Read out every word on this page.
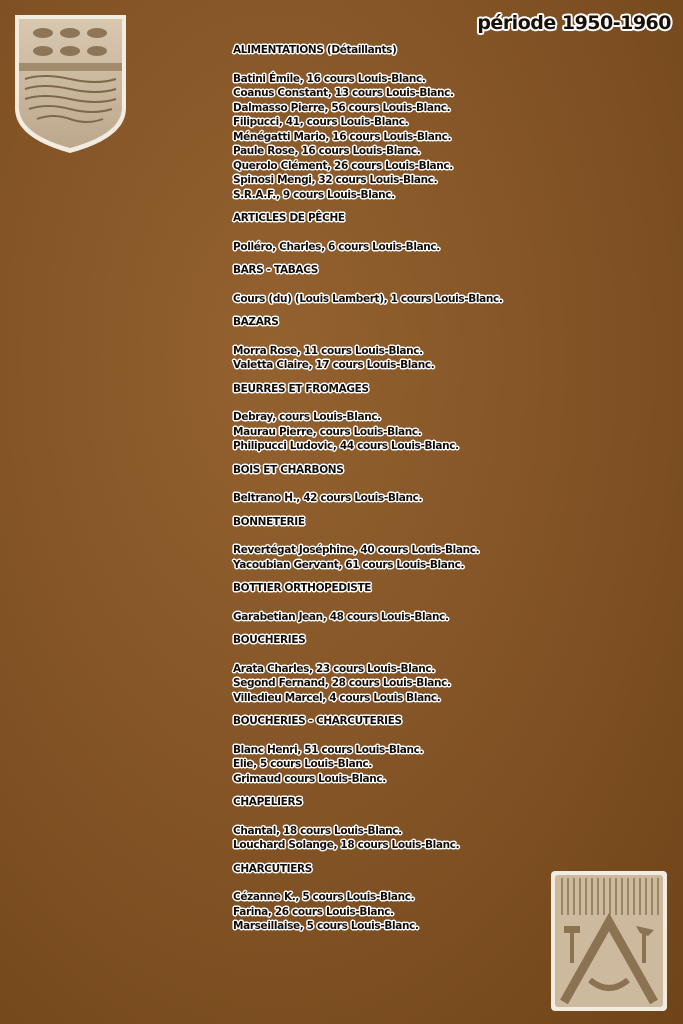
période 1950-1960
ALIMENTATIONS (Détaillants)
Batini Émile, 16 cours Louis-Blanc.
Coanus Constant, 13 cours Louis-Blanc.
Dalmasso Pierre, 56 cours Louis-Blanc.
Filipucci, 41, cours Louis-Blanc.
Ménégatti Mario, 16 cours Louis-Blanc.
Paule Rose, 16 cours Louis-Blanc.
Querolo Clément, 26 cours Louis-Blanc.
Spinosi Mengi, 32 cours Louis-Blanc.
S.R.A.F., 9 cours Louis-Blanc.
ARTICLES DE PÊCHE
Polléro, Charles, 6 cours Louis-Blanc.
BARS - TABACS
Cours (du) (Louis Lambert), 1 cours Louis-Blanc.
BAZARS
Morra Rose, 11 cours Louis-Blanc.
Valetta Claire, 17 cours Louis-Blanc.
BEURRES ET FROMAGES
Debray, cours Louis-Blanc.
Maurau Pierre, cours Louis-Blanc.
Philipucci Ludovic, 44 cours Louis-Blanc.
BOIS ET CHARBONS
Beltrano H., 42 cours Louis-Blanc.
BONNETERIE
Revertégat Joséphine, 40 cours Louis-Blanc.
Yacoubian Gervant, 61 cours Louis-Blanc.
BOTTIER ORTHOPEDISTE
Garabetian Jean, 48 cours Louis-Blanc.
BOUCHERIES
Arata Charles, 23 cours Louis-Blanc.
Segond Fernand, 28 cours Louis-Blanc.
Villedieu Marcel, 4 cours Louis Blanc.
BOUCHERIES - CHARCUTERIES
Blanc Henri, 51 cours Louis-Blanc.
Elie, 5 cours Louis-Blanc.
Grimaud cours Louis-Blanc.
CHAPELIERS
Chantal, 18 cours Louis-Blanc.
Louchard Solange, 18 cours Louis-Blanc.
CHARCUTIERS
Cézanne K., 5 cours Louis-Blanc.
Farina, 26 cours Louis-Blanc.
Marseillaise, 5 cours Louis-Blanc.
